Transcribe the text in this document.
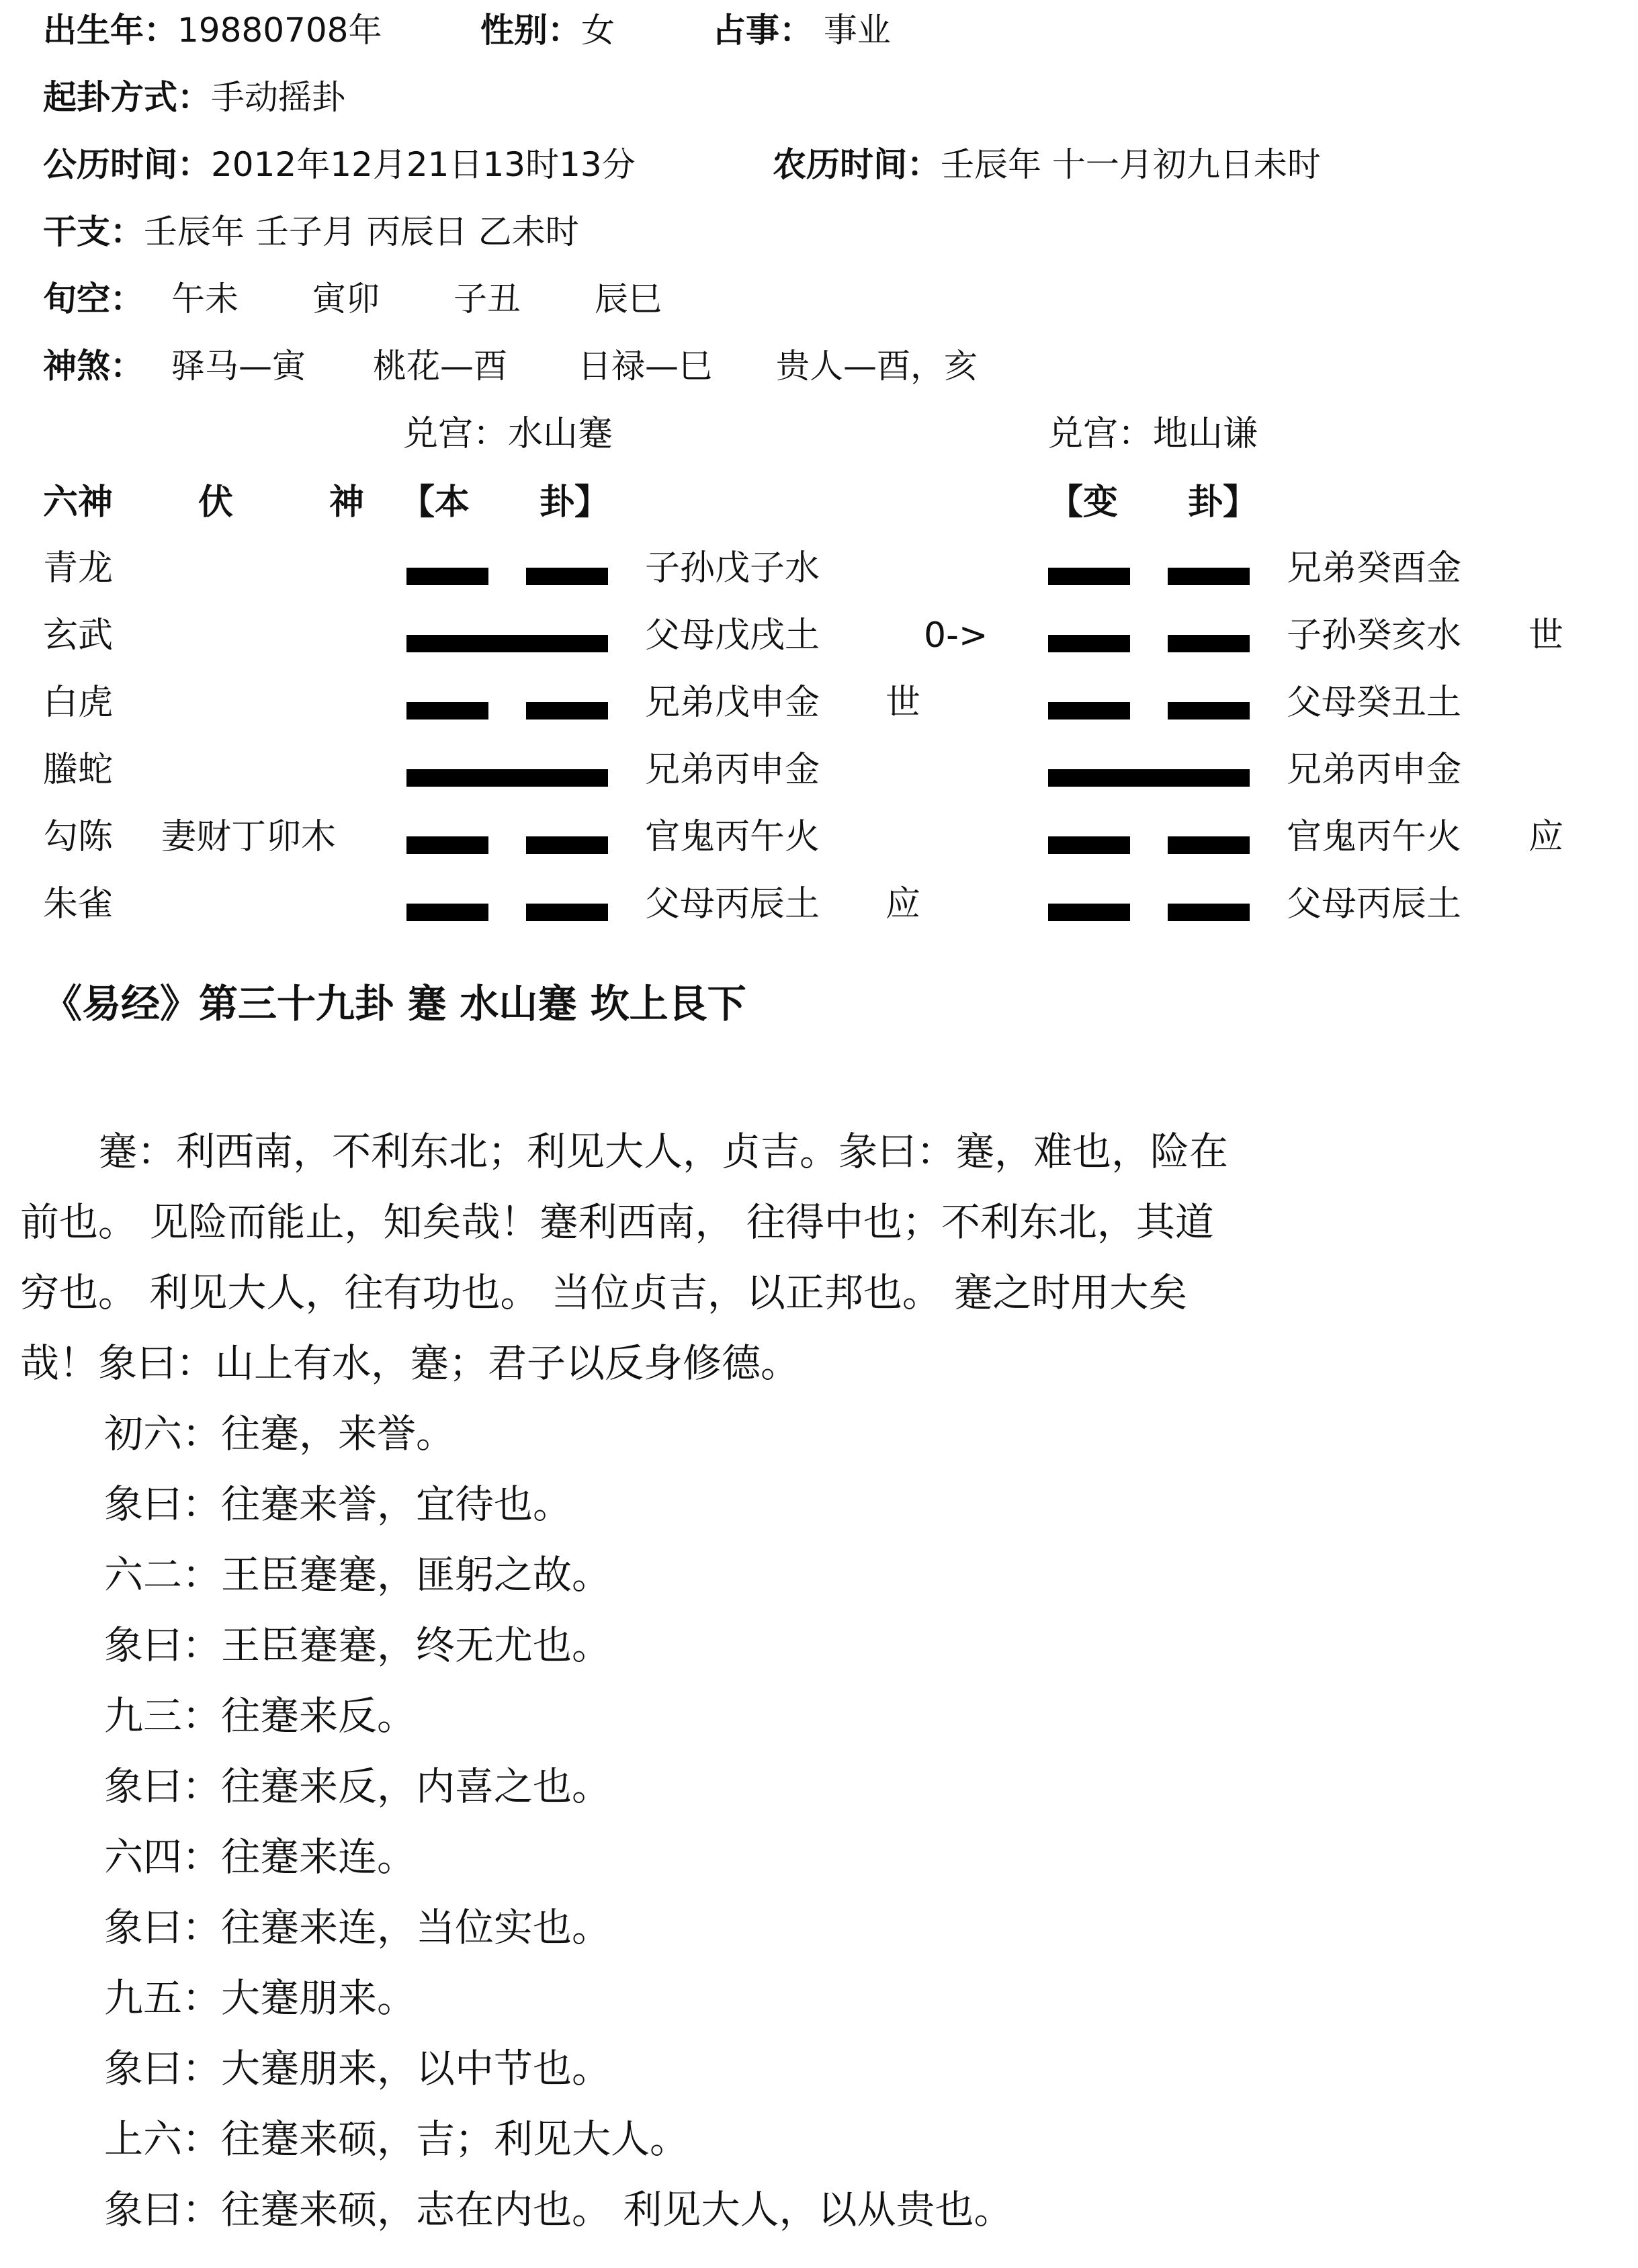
出生年：19880708年	性别：女	占事： 事业
起卦方式：手动摇卦
公历时间：2012年12月21日13时13分	农历时间：壬辰年 十一月初九日未时
干支：壬辰年 壬子月 丙辰日 乙未时
旬空： 午未 寅卯 子丑 辰巳
神煞： 驿马—寅 桃花—酉 日禄—巳 贵人—酉，亥
兑宫：水山蹇	兑宫：地山谦
六神 伏	神 【本　　卦】	【变　　卦】
青龙	子孙戊子水	兄弟癸酉金
玄武	父母戊戌土	0->	子孙癸亥水 世
白虎	兄弟戊申金 世	父母癸丑土
螣蛇	兄弟丙申金	兄弟丙申金
勾陈 妻财丁卯木	官鬼丙午火	官鬼丙午火 应
朱雀	父母丙辰土 应	父母丙辰土
《易经》第三十九卦 蹇 水山蹇 坎上艮下
　　蹇：利西南，不利东北；利见大人，贞吉。彖曰：蹇，难也，险在
前也。 见险而能止，知矣哉！蹇利西南， 往得中也；不利东北，其道
穷也。 利见大人，往有功也。 当位贞吉，以正邦也。 蹇之时用大矣
哉！象曰：山上有水，蹇；君子以反身修德。
初六：往蹇，来誉。
象曰：往蹇来誉，宜待也。
六二：王臣蹇蹇，匪躬之故。
象曰：王臣蹇蹇，终无尤也。
九三：往蹇来反。
象曰：往蹇来反，内喜之也。
六四：往蹇来连。
象曰：往蹇来连，当位实也。
九五：大蹇朋来。
象曰：大蹇朋来，以中节也。
上六：往蹇来硕，吉；利见大人。
象曰：往蹇来硕，志在内也。 利见大人，以从贵也。
